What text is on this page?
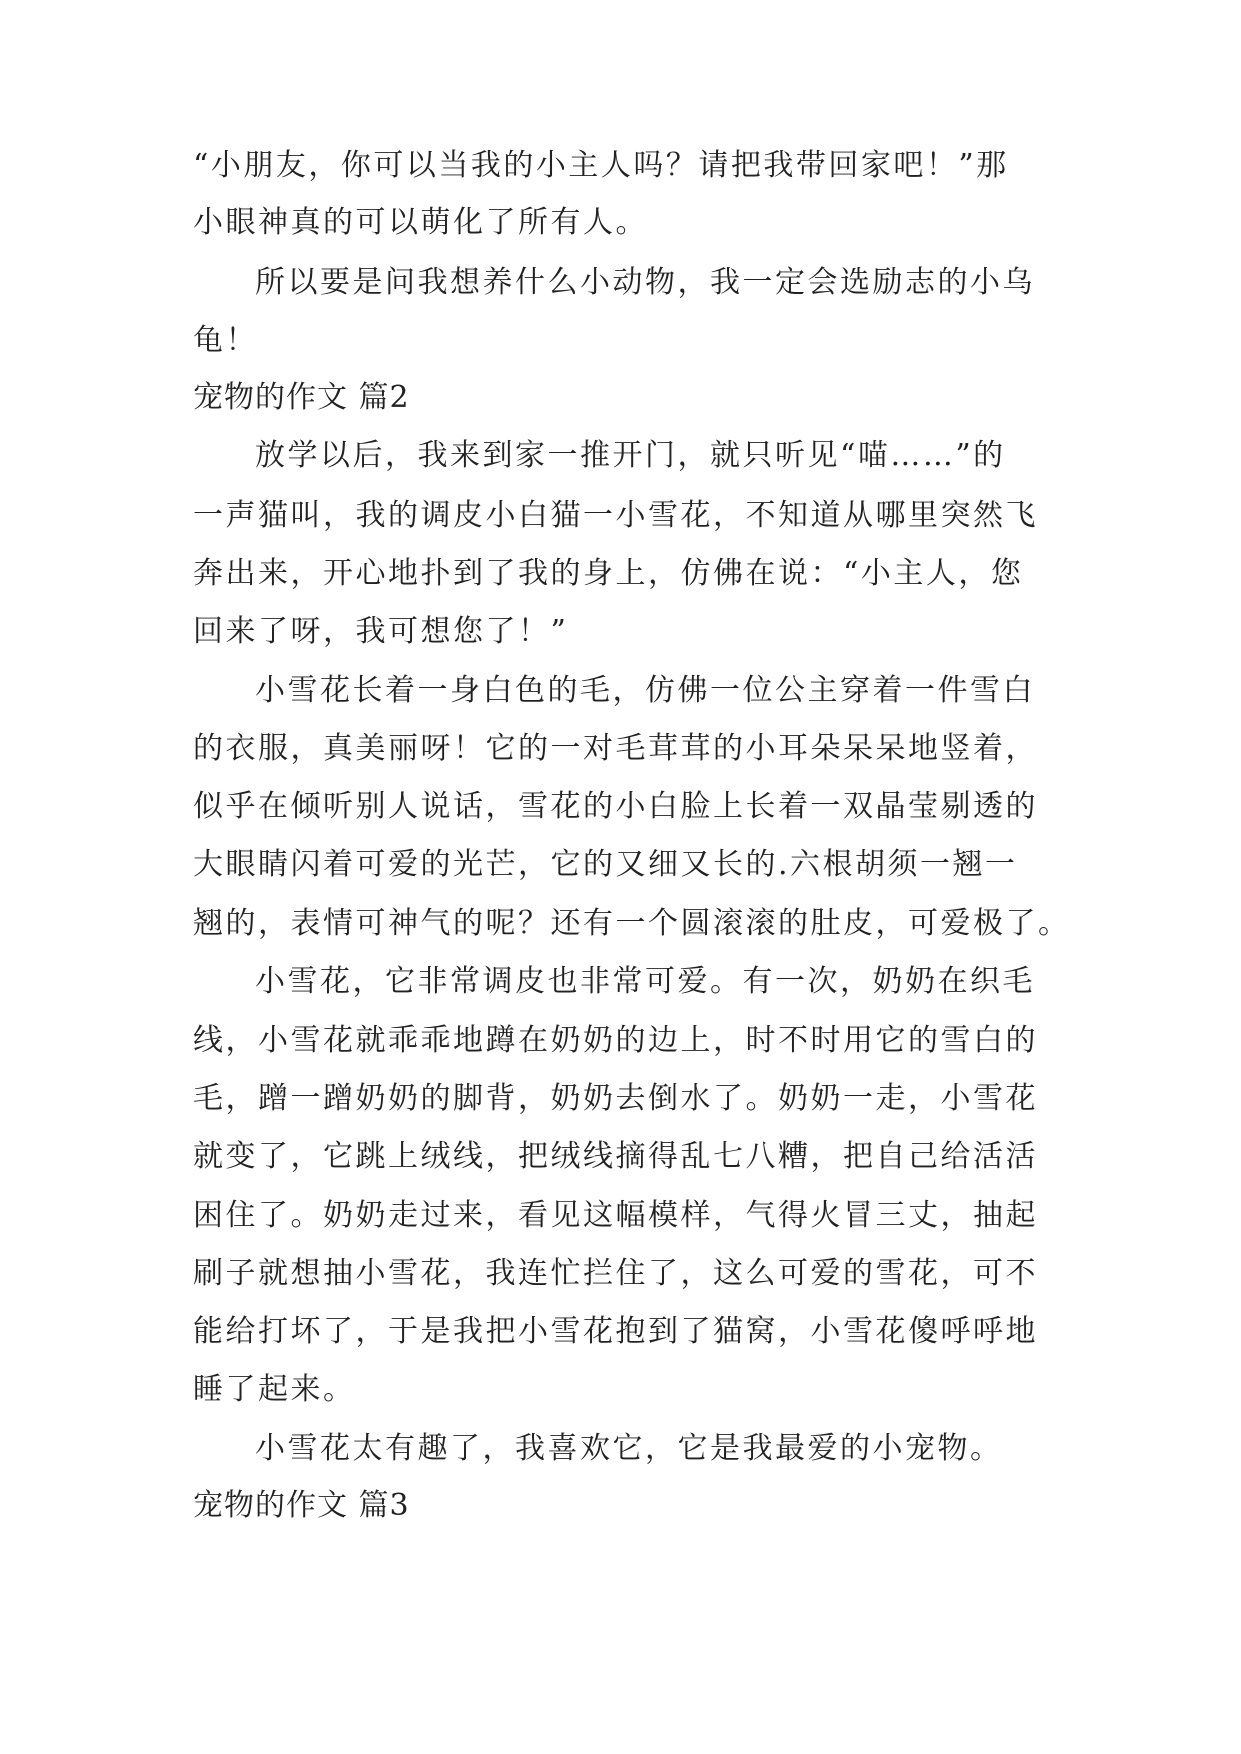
“小朋友，你可以当我的小主人吗？请把我带回家吧！”那
小眼神真的可以萌化了所有人。
所以要是问我想养什么小动物，我一定会选励志的小乌
龟！
宠物的作文 篇2
放学以后，我来到家一推开门，就只听见“喵……”的
一声猫叫，我的调皮小白猫一小雪花，不知道从哪里突然飞
奔出来，开心地扑到了我的身上，仿佛在说：“小主人，您
回来了呀，我可想您了！”
小雪花长着一身白色的毛，仿佛一位公主穿着一件雪白
的衣服，真美丽呀！它的一对毛茸茸的小耳朵呆呆地竖着，
似乎在倾听别人说话，雪花的小白脸上长着一双晶莹剔透的
大眼睛闪着可爱的光芒，它的又细又长的.六根胡须一翘一
翘的，表情可神气的呢？还有一个圆滚滚的肚皮，可爱极了。
小雪花，它非常调皮也非常可爱。有一次，奶奶在织毛
线，小雪花就乖乖地蹲在奶奶的边上，时不时用它的雪白的
毛，蹭一蹭奶奶的脚背，奶奶去倒水了。奶奶一走，小雪花
就变了，它跳上绒线，把绒线摘得乱七八糟，把自己给活活
困住了。奶奶走过来，看见这幅模样，气得火冒三丈，抽起
刷子就想抽小雪花，我连忙拦住了，这么可爱的雪花，可不
能给打坏了，于是我把小雪花抱到了猫窝，小雪花傻呼呼地
睡了起来。
小雪花太有趣了，我喜欢它，它是我最爱的小宠物。
宠物的作文 篇3
